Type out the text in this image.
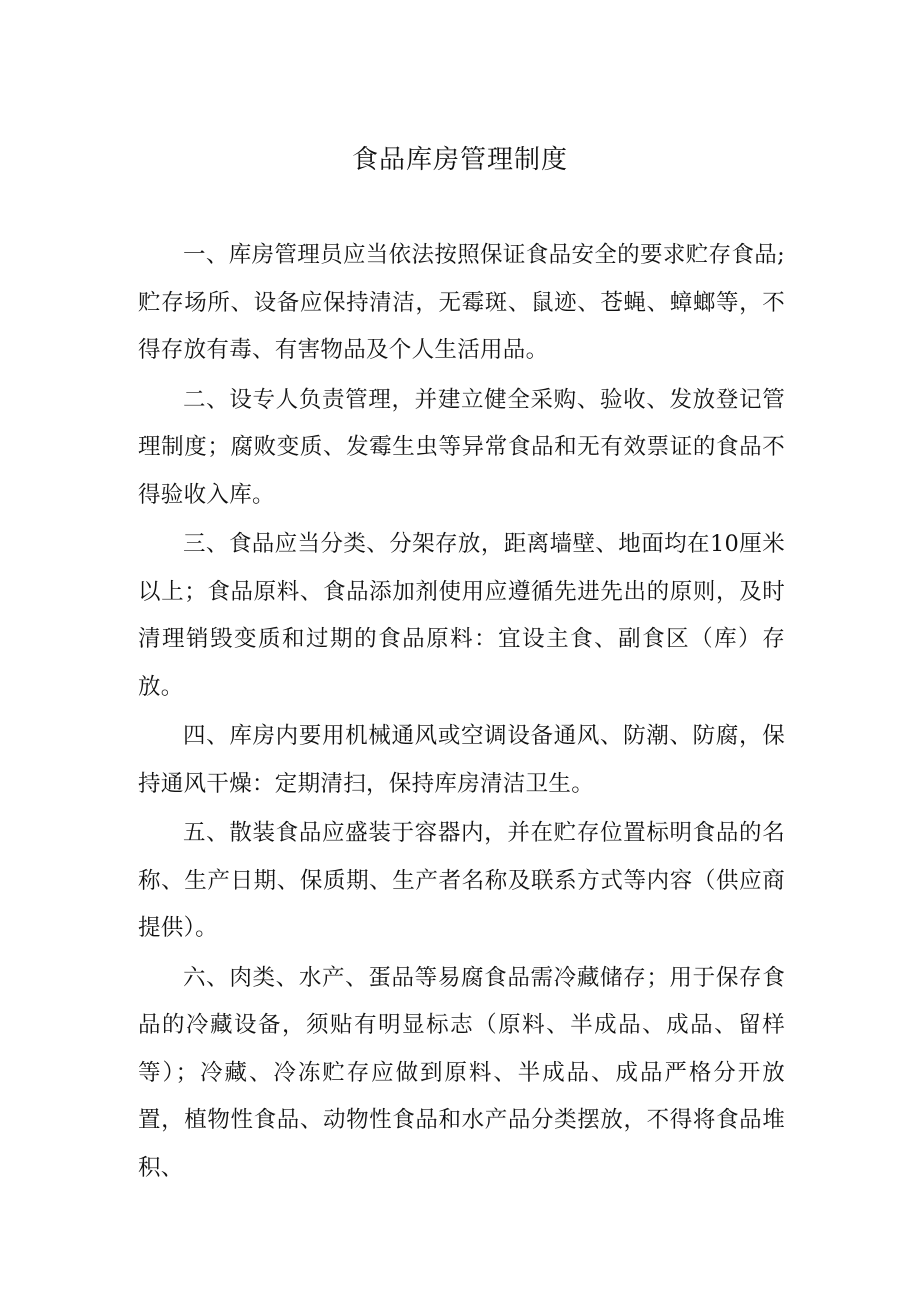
食品库房管理制度

一、库房管理员应当依法按照保证食品安全的要求贮存食品;贮存场所、设备应保持清洁，无霉斑、鼠迹、苍蝇、蟑螂等，不得存放有毒、有害物品及个人生活用品。

二、设专人负责管理，并建立健全采购、验收、发放登记管理制度；腐败变质、发霉生虫等异常食品和无有效票证的食品不得验收入库。

三、食品应当分类、分架存放，距离墙壁、地面均在10厘米以上；食品原料、食品添加剂使用应遵循先进先出的原则，及时清理销毁变质和过期的食品原料：宜设主食、副食区（库）存放。

四、库房内要用机械通风或空调设备通风、防潮、防腐，保持通风干燥：定期清扫，保持库房清洁卫生。

五、散装食品应盛装于容器内，并在贮存位置标明食品的名称、生产日期、保质期、生产者名称及联系方式等内容（供应商提供）。

六、肉类、水产、蛋品等易腐食品需冷藏储存；用于保存食品的冷藏设备，须贴有明显标志（原料、半成品、成品、留样等）；冷藏、冷冻贮存应做到原料、半成品、成品严格分开放置，植物性食品、动物性食品和水产品分类摆放，不得将食品堆积、
